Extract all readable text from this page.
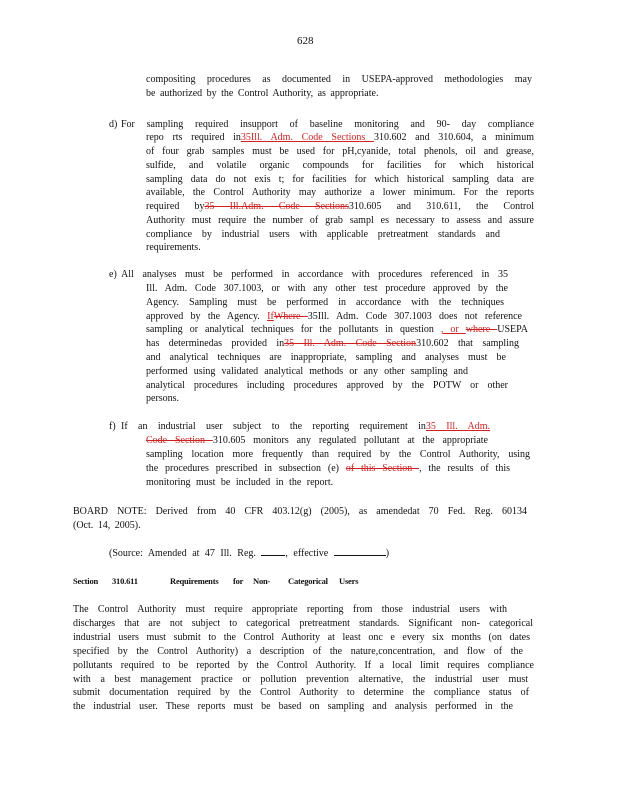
628
compositing procedures as documented in USEPA-approved methodologies may
be authorized by the Control Authority, as appropriate.
d) For sampling required insupport of baseline monitoring and 90- day compliance
repo rts required in35Ill. Adm. Code Sections 310.602 and 310.604, a minimum
of four grab samples must be used for pH,cyanide, total phenols, oil and grease,
sulfide, and volatile organic compounds for facilities for which historical
sampling data do not exis t; for facilities for which historical sampling data are
available, the Control Authority may authorize a lower minimum. For the reports
required by35 Ill.Adm. Code Sections310.605 and 310.611, the Control
Authority must require the number of grab sampl es necessary to assess and assure
compliance by industrial users with applicable pretreatment standards and
requirements.
e) All analyses must be performed in accordance with procedures referenced in 35
Ill. Adm. Code 307.1003, or with any other test procedure approved by the
Agency. Sampling must be performed in accordance with the techniques
approved by the Agency. IfWhere 35Ill. Adm. Code 307.1003 does not reference
sampling or analytical techniques for the pollutants in question , or where USEPA
has determinedas provided in35 Ill. Adm. Code Section310.602 that sampling
and analytical techniques are inappropriate, sampling and analyses must be
performed using validated analytical methods or any other sampling and
analytical procedures including procedures approved by the POTW or other
persons.
f) If an industrial user subject to the reporting requirement in35 Ill. Adm.
Code Section 310.605 monitors any regulated pollutant at the appropriate
sampling location more frequently than required by the Control Authority, using
the procedures prescribed in subsection (e) of this Section , the results of this
monitoring must be included in the report.
BOARD NOTE: Derived from 40 CFR 403.12(g) (2005), as amendedat 70 Fed. Reg. 60134
(Oct. 14, 2005).
(Source: Amended at 47 Ill. Reg. , effective	)
Section 310.611	Requirements for Non- Categorical Users
The Control Authority must require appropriate reporting from those industrial users with
discharges that are not subject to categorical pretreatment standards. Significant non- categorical
industrial users must submit to the Control Authority at least onc e every six months (on dates
specified by the Control Authority) a description of the nature,concentration, and flow of the
pollutants required to be reported by the Control Authority. If a local limit requires compliance
with a best management practice or pollution prevention alternative, the industrial user must
submit documentation required by the Control Authority to determine the compliance status of
the industrial user. These reports must be based on sampling and analysis performed in the
